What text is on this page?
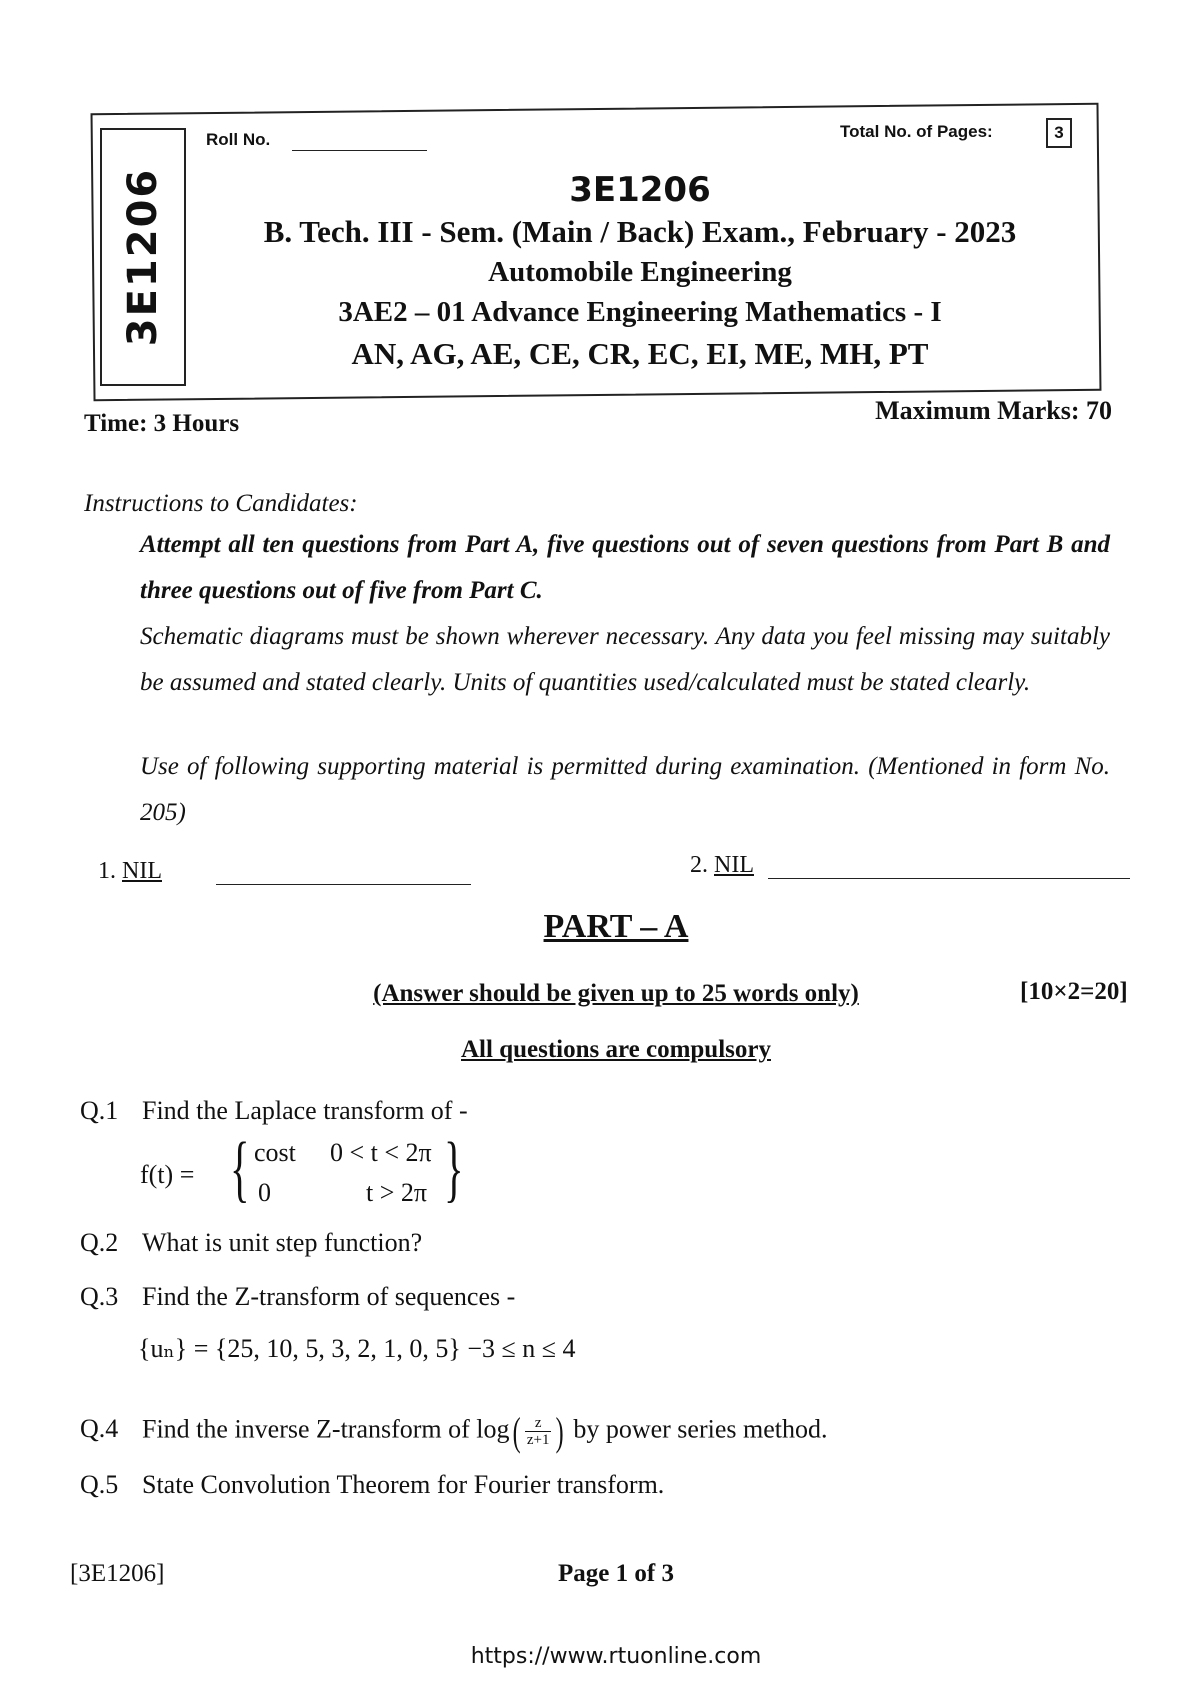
3E1206
Roll No.	Total No. of Pages:	3
3E1206
B. Tech. III - Sem. (Main / Back) Exam., February - 2023
Automobile Engineering
3AE2 – 01 Advance Engineering Mathematics - I
AN, AG, AE, CE, CR, EC, EI, ME, MH, PT
Time: 3 Hours	Maximum Marks: 70
Instructions to Candidates:
Attempt all ten questions from Part A, five questions out of seven questions from Part B and three questions out of five from Part C.
Schematic diagrams must be shown wherever necessary. Any data you feel missing may suitably be assumed and stated clearly. Units of quantities used/calculated must be stated clearly.
Use of following supporting material is permitted during examination. (Mentioned in form No. 205)
1. NIL	2. NIL
PART – A
(Answer should be given up to 25 words only)	[10×2=20]
All questions are compulsory
Q.1 Find the Laplace transform of -
f(t) = { cost 0 < t < 2π
0	t > 2π }
Q.2 What is unit step function?
Q.3 Find the Z-transform of sequences -
{uₙ} = {25, 10, 5, 3, 2, 1, 0, 5} −3 ≤ n ≤ 4
Q.4 Find the inverse Z-transform of $\log( \frac{z}{z+1}$ ) by power series method.
Q.5 State Convolution Theorem for Fourier transform.
[3E1206]	Page 1 of 3
https://www.rtuonline.com
